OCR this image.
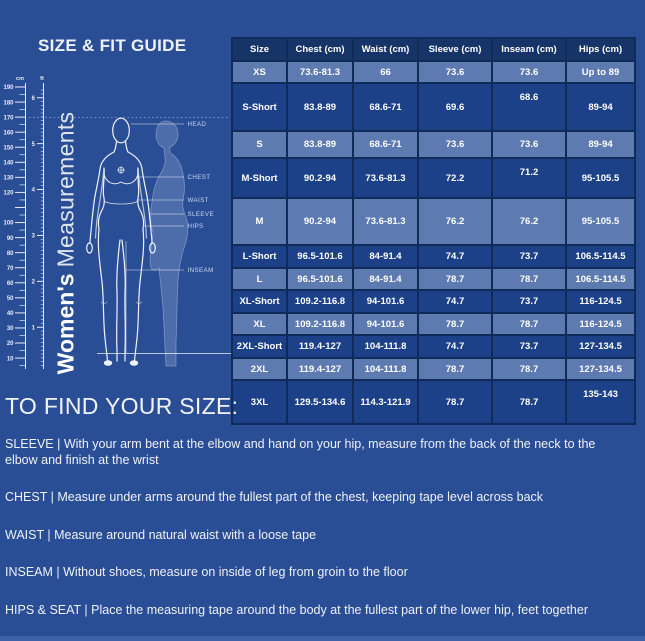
SIZE & FIT GUIDE
cm	ft
190
180
170
160
150
140
130
120
100
90
80
70
60
50
40
30
20
10
6
5
4
3
2
1
HEAD
CHEST
WAIST
SLEEVE
HIPS
INSEAM
Women'sMeasurements
Size	Chest (cm)	Waist (cm)	Sleeve (cm)	Inseam (cm)	Hips (cm)
XS	73.6-81.3	66	73.6	73.6	Up to 89
S-Short	83.8-89	68.6-71	69.6	68.6	89-94
S	83.8-89	68.6-71	73.6	73.6	89-94
M-Short	90.2-94	73.6-81.3	72.2	71.2	95-105.5
M	90.2-94	73.6-81.3	76.2	76.2	95-105.5
L-Short	96.5-101.6	84-91.4	74.7	73.7	106.5-114.5
L	96.5-101.6	84-91.4	78.7	78.7	106.5-114.5
XL-Short	109.2-116.8	94-101.6	74.7	73.7	116-124.5
XL	109.2-116.8	94-101.6	78.7	78.7	116-124.5
2XL-Short	119.4-127	104-111.8	74.7	73.7	127-134.5
2XL	119.4-127	104-111.8	78.7	78.7	127-134.5
3XL	129.5-134.6	114.3-121.9	78.7	78.7	135-143
TO FIND YOUR SIZE:

SLEEVE | With your arm bent at the elbow and hand on your hip, measure from the back of the neck to the elbow and finish at the wrist

CHEST | Measure under arms around the fullest part of the chest, keeping tape level across back

WAIST | Measure around natural waist with a loose tape

INSEAM | Without shoes, measure on inside of leg from groin to the floor

HIPS & SEAT | Place the measuring tape around the body at the fullest part of the lower hip, feet together
